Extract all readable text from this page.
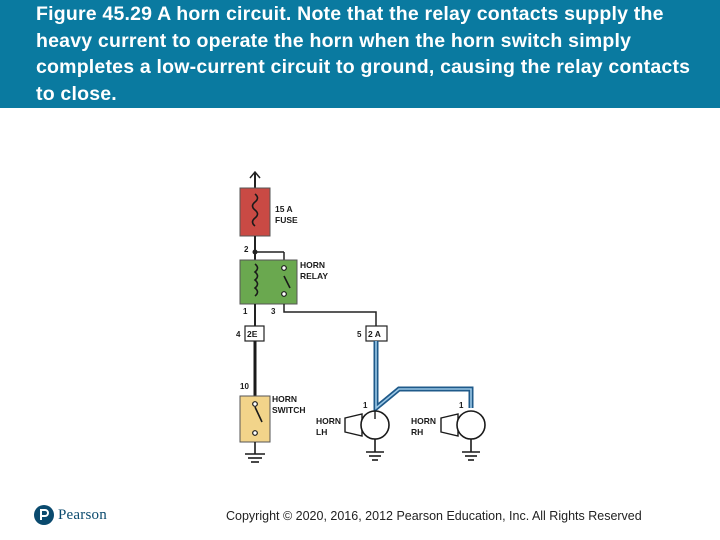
Figure 45.29 A horn circuit. Note that the relay contacts supply the heavy current to operate the horn when the horn switch simply completes a low-current circuit to ground, causing the relay contacts to close.

15 A
FUSE
2
HORN
RELAY
1	3
2E
4	2 A
5
10
HORN
SWITCH	1
HORN
LH
1
HORN
RH
Pearson	Copyright © 2020, 2016, 2012 Pearson Education, Inc. All Rights Reserved
